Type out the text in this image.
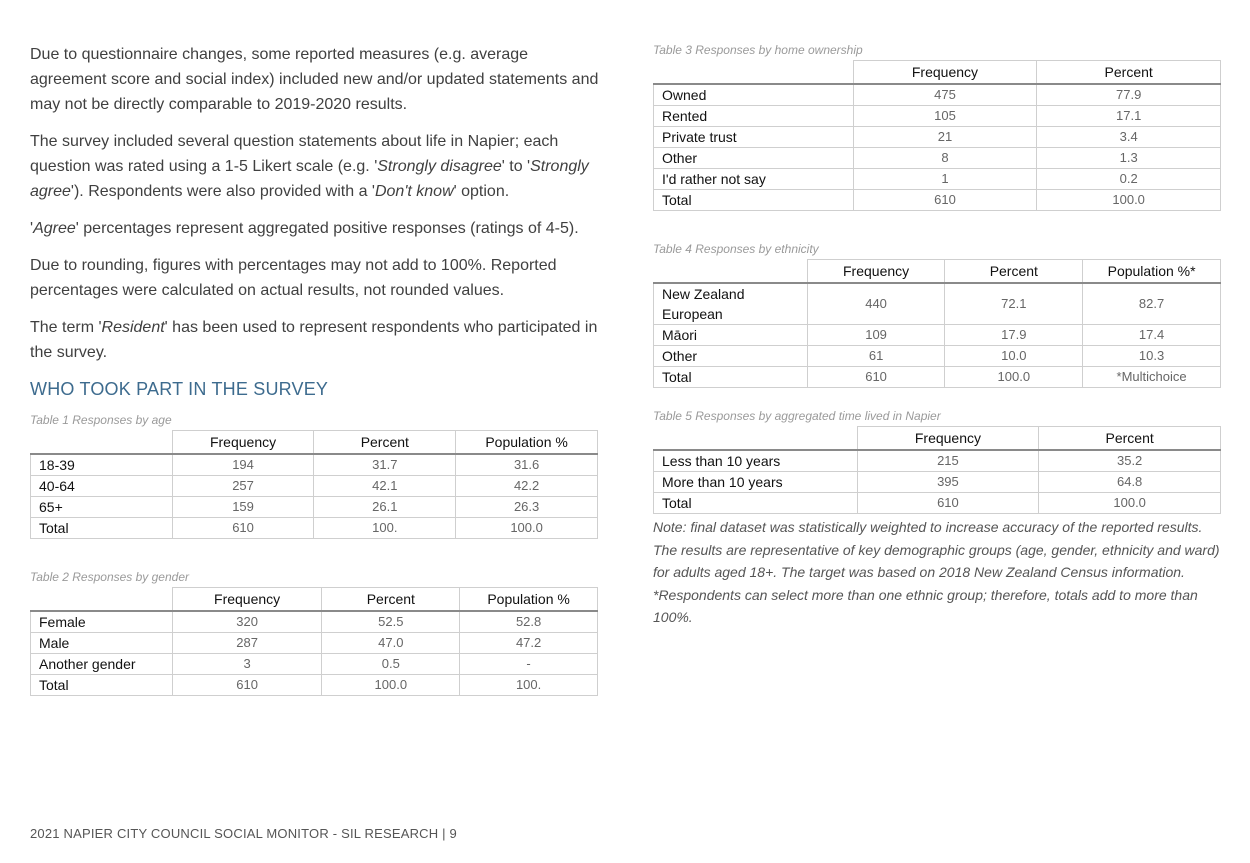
Due to questionnaire changes, some reported measures (e.g. average agreement score and social index) included new and/or updated statements and may not be directly comparable to 2019-2020 results.

The survey included several question statements about life in Napier; each question was rated using a 1-5 Likert scale (e.g. 'Strongly disagree' to 'Strongly agree'). Respondents were also provided with a 'Don't know' option.

'Agree' percentages represent aggregated positive responses (ratings of 4-5).

Due to rounding, figures with percentages may not add to 100%. Reported percentages were calculated on actual results, not rounded values.

The term 'Resident' has been used to represent respondents who participated in the survey.

WHO TOOK PART IN THE SURVEY
Table 1 Responses by age
	Frequency	Percent	Population %
18-39	194	31.7	31.6
40-64	257	42.1	42.2
65+	159	26.1	26.3
Total	610	100.	100.0
Table 2 Responses by gender
	Frequency	Percent	Population %
Female	320	52.5	52.8
Male	287	47.0	47.2
Another gender	3	0.5	-
Total	610	100.0	100.
Table 3 Responses by home ownership
	Frequency	Percent
Owned	475	77.9
Rented	105	17.1
Private trust	21	3.4
Other	8	1.3
I'd rather not say	1	0.2
Total	610	100.0
Table 4 Responses by ethnicity
	Frequency	Percent	Population %*
New Zealand European	440	72.1	82.7
Māori	109	17.9	17.4
Other	61	10.0	10.3
Total	610	100.0	*Multichoice
Table 5 Responses by aggregated time lived in Napier
	Frequency	Percent
Less than 10 years	215	35.2
More than 10 years	395	64.8
Total	610	100.0
Note: final dataset was statistically weighted to increase accuracy of the reported results. The results are representative of key demographic groups (age, gender, ethnicity and ward) for adults aged 18+. The target was based on 2018 New Zealand Census information. *Respondents can select more than one ethnic group; therefore, totals add to more than 100%.
2021 NAPIER CITY COUNCIL SOCIAL MONITOR - SIL RESEARCH | 9
